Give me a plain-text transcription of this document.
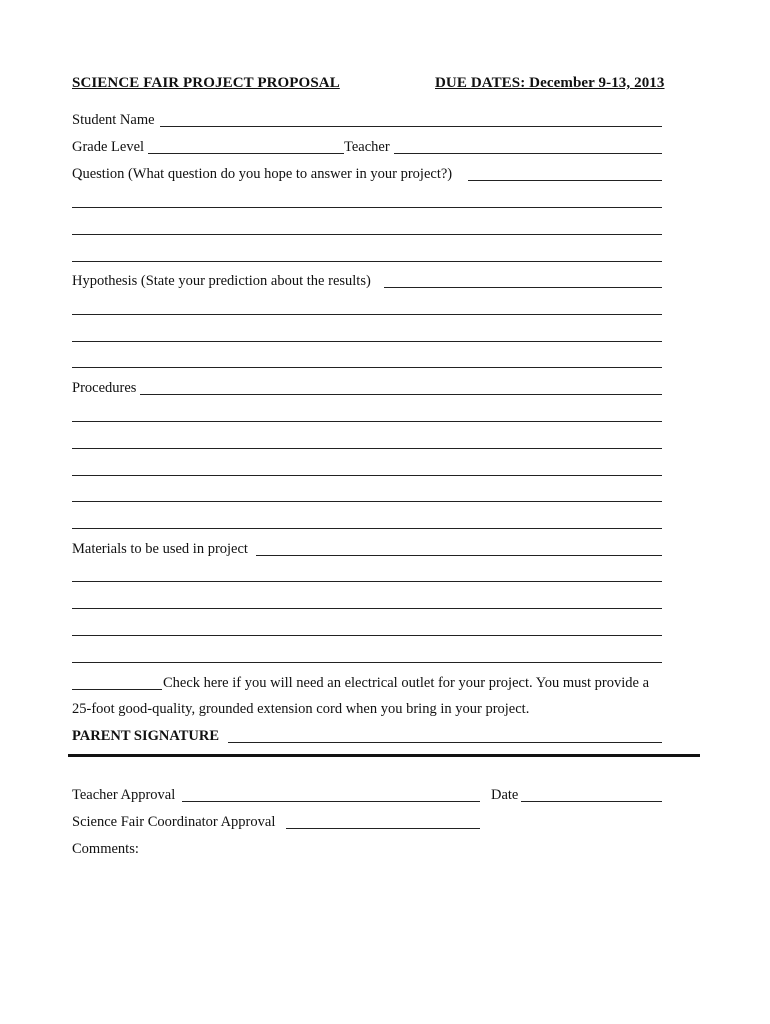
SCIENCE FAIR PROJECT PROPOSAL	DUE DATES: December 9-13, 2013
Student Name
Grade Level	Teacher
Question (What question do you hope to answer in your project?)
Hypothesis (State your prediction about the results)
Procedures
Materials to be used in project
Check here if you will need an electrical outlet for your project. You must provide a
25-foot good-quality, grounded extension cord when you bring in your project.
PARENT SIGNATURE
Teacher Approval	Date
Science Fair Coordinator Approval
Comments:
